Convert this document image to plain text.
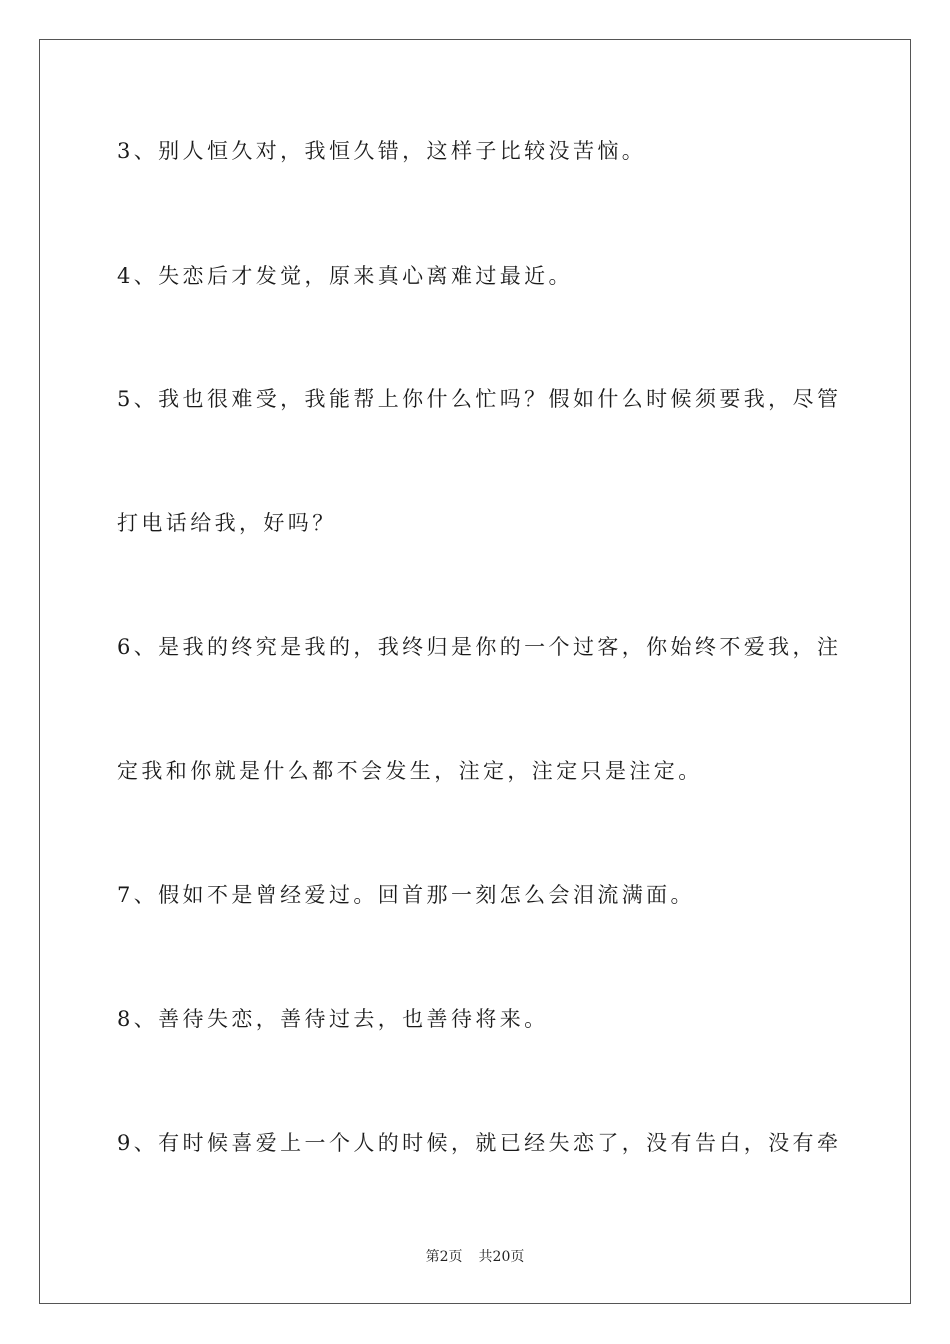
3、别人恒久对，我恒久错，这样子比较没苦恼。

4、失恋后才发觉，原来真心离难过最近。

5、我也很难受，我能帮上你什么忙吗？假如什么时候须要我，尽管

打电话给我，好吗？

6、是我的终究是我的，我终归是你的一个过客，你始终不爱我，注

定我和你就是什么都不会发生，注定，注定只是注定。

7、假如不是曾经爱过。回首那一刻怎么会泪流满面。

8、善待失恋，善待过去，也善待将来。

9、有时候喜爱上一个人的时候，就已经失恋了，没有告白，没有牵

第2页 共20页
